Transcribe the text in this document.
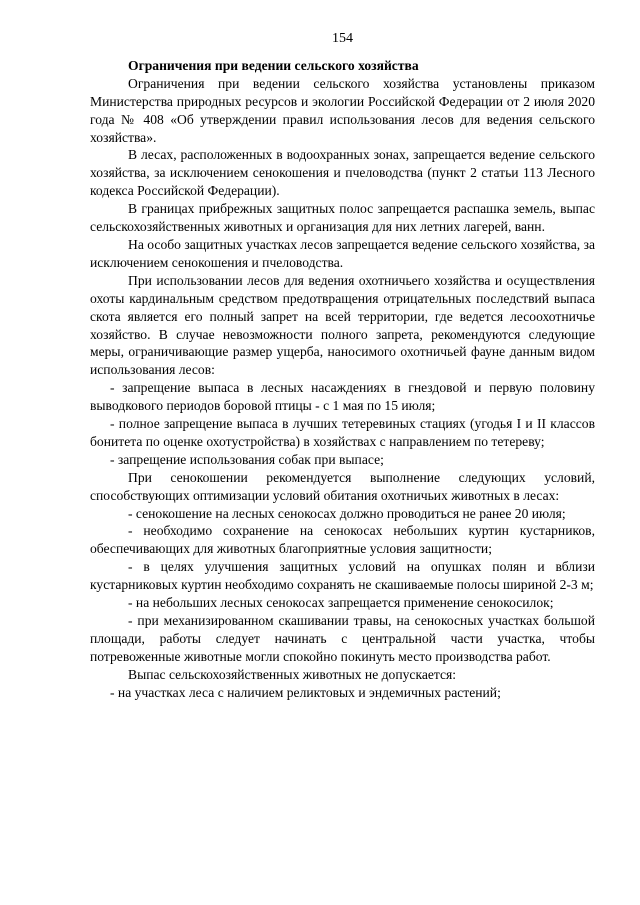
154

Ограничения при ведении сельского хозяйства

Ограничения при ведении сельского хозяйства установлены приказом Министерства природных ресурсов и экологии Российской Федерации от 2 июля 2020 года № 408 «Об утверждении правил использования лесов для ведения сельского хозяйства».

В лесах, расположенных в водоохранных зонах, запрещается ведение сельского хозяйства, за исключением сенокошения и пчеловодства (пункт 2 статьи 113 Лесного кодекса Российской Федерации).

В границах прибрежных защитных полос запрещается распашка земель, выпас сельскохозяйственных животных и организация для них летних лагерей, ванн.

На особо защитных участках лесов запрещается ведение сельского хозяйства, за исключением сенокошения и пчеловодства.

При использовании лесов для ведения охотничьего хозяйства и осуществления охоты кардинальным средством предотвращения отрицательных последствий выпаса скота является его полный запрет на всей территории, где ведется лесоохотничье хозяйство. В случае невозможности полного запрета, рекомендуются следующие меры, ограничивающие размер ущерба, наносимого охотничьей фауне данным видом использования лесов:

- запрещение выпаса в лесных насаждениях в гнездовой и первую половину выводкового периодов боровой птицы - с 1 мая по 15 июля;

- полное запрещение выпаса в лучших тетеревиных стациях (угодья I и II классов бонитета по оценке охотустройства) в хозяйствах с направлением по тетереву;

- запрещение использования собак при выпасе;

При сенокошении рекомендуется выполнение следующих условий, способствующих оптимизации условий обитания охотничьих животных в лесах:

- сенокошение на лесных сенокосах должно проводиться не ранее 20 июля;

- необходимо сохранение на сенокосах небольших куртин кустарников, обеспечивающих для животных благоприятные условия защитности;

- в целях улучшения защитных условий на опушках полян и вблизи кустарниковых куртин необходимо сохранять не скашиваемые полосы шириной 2-3 м;

- на небольших лесных сенокосах запрещается применение сенокосилок;

- при механизированном скашивании травы, на сенокосных участках большой площади, работы следует начинать с центральной части участка, чтобы потревоженные животные могли спокойно покинуть место производства работ.

Выпас сельскохозяйственных животных не допускается:

- на участках леса с наличием реликтовых и эндемичных растений;
